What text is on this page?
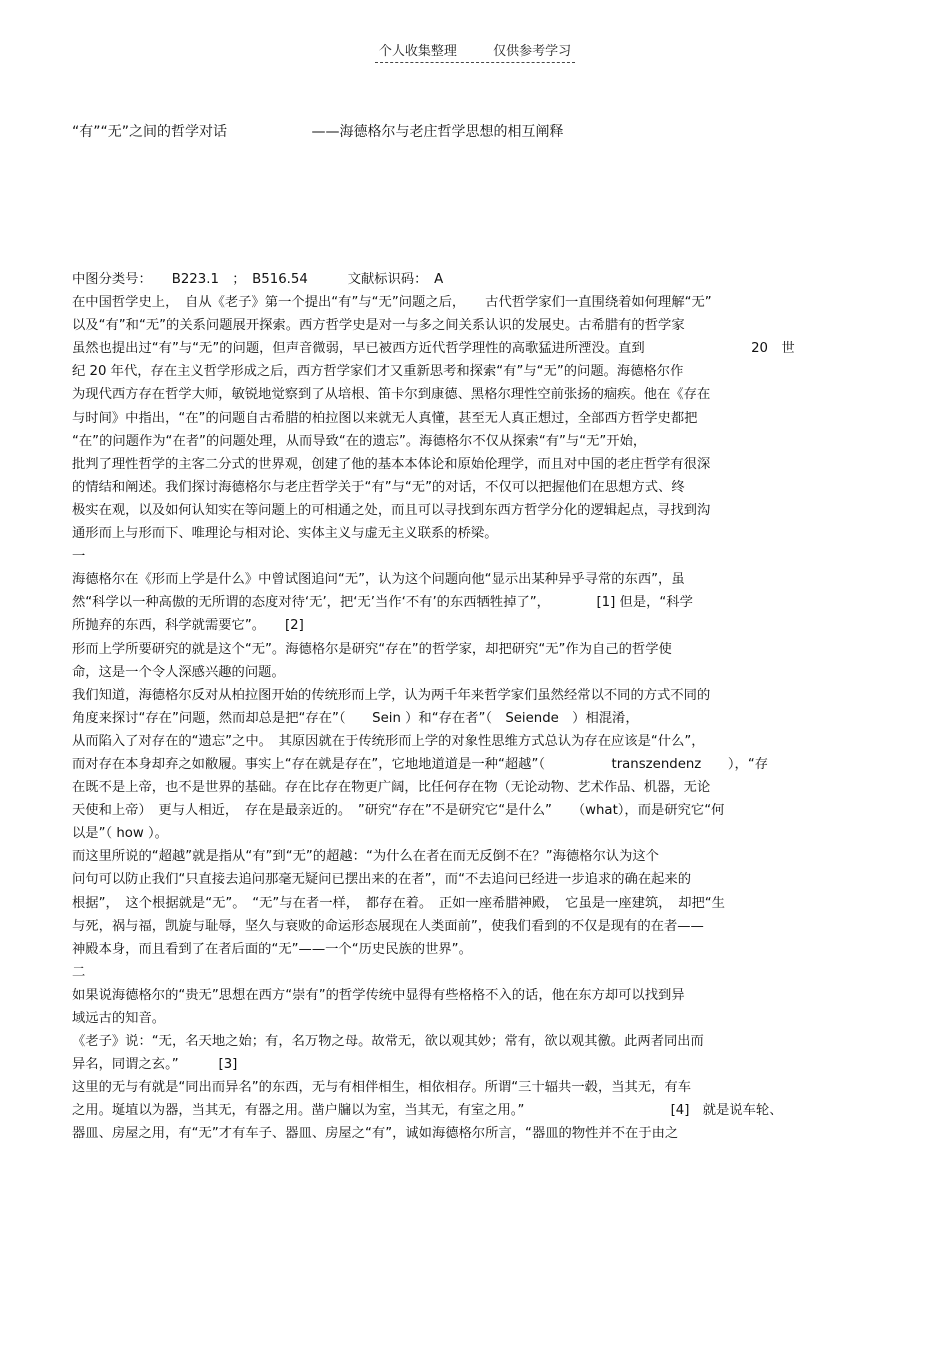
个人收集整理	仅供参考学习
“有”“无”之间的哲学对话	——海德格尔与老庄哲学思想的相互阐释
中图分类号：　　B223.1　；　B516.54　　　文献标识码：　A
在中国哲学史上，　自从《老子》第一个提出“有”与“无”问题之后，　　古代哲学家们一直围绕着如何理解“无”
以及“有”和“无”的关系问题展开探索。西方哲学史是对一与多之间关系认识的发展史。古希腊有的哲学家
虽然也提出过“有”与“无”的问题，但声音微弱，早已被西方近代哲学理性的高歌猛进所湮没。直到　　　　　　　　20　世
纪 20 年代，存在主义哲学形成之后，西方哲学家们才又重新思考和探索“有”与“无”的问题。海德格尔作
为现代西方存在哲学大师，敏锐地觉察到了从培根、笛卡尔到康德、黑格尔理性空前张扬的痼疾。他在《存在
与时间》中指出，“在”的问题自古希腊的柏拉图以来就无人真懂，甚至无人真正想过，全部西方哲学史都把
“在”的问题作为“在者”的问题处理，从而导致“在的遗忘”。海德格尔不仅从探索“有”与“无”开始，
批判了理性哲学的主客二分式的世界观，创建了他的基本本体论和原始伦理学，而且对中国的老庄哲学有很深
的情结和阐述。我们探讨海德格尔与老庄哲学关于“有”与“无”的对话，不仅可以把握他们在思想方式、终
极实在观，以及如何认知实在等问题上的可相通之处，而且可以寻找到东西方哲学分化的逻辑起点，寻找到沟
通形而上与形而下、唯理论与相对论、实体主义与虚无主义联系的桥梁。
一
海德格尔在《形而上学是什么》中曾试图追问“无”，认为这个问题向他“显示出某种异乎寻常的东西”，虽
然“科学以一种高傲的无所谓的态度对待‘无’，把‘无’当作‘不有’的东西牺牲掉了”，　　　　[1] 但是，“科学
所抛弃的东西，科学就需要它”。　　[2]
形而上学所要研究的就是这个“无”。海德格尔是研究“存在”的哲学家，却把研究“无”作为自己的哲学使
命，这是一个令人深感兴趣的问题。
我们知道，海德格尔反对从柏拉图开始的传统形而上学，认为两千年来哲学家们虽然经常以不同的方式不同的
角度来探讨“存在”问题，然而却总是把“存在”（　　Sein ）和“存在者”（　Seiende　）相混淆，
从而陷入了对存在的“遗忘”之中。　其原因就在于传统形而上学的对象性思维方式总认为存在应该是“什么”，
而对存在本身却弃之如敝履。事实上“存在就是存在”，它地地道道是一种“超越”（　　　　　transzendenz　　），“存
在既不是上帝，也不是世界的基础。存在比存在物更广阔，比任何存在物（无论动物、艺术作品、机器，无论
天使和上帝）　更与人相近，　存在是最亲近的。　”研究“存在”不是研究它“是什么”　　（what），而是研究它“何
以是”（ how ）。
而这里所说的“超越”就是指从“有”到“无”的超越：“为什么在者在而无反倒不在？”海德格尔认为这个
问句可以防止我们“只直接去追问那毫无疑问已摆出来的在者”，而“不去追问已经进一步追求的确在起来的
根据”，　这个根据就是“无”。　“无”与在者一样，　都存在着。　正如一座希腊神殿，　它虽是一座建筑，　却把“生
与死，祸与福，凯旋与耻辱，坚久与衰败的命运形态展现在人类面前”，使我们看到的不仅是现有的在者——
神殿本身，而且看到了在者后面的“无”——一个“历史民族的世界”。
二
如果说海德格尔的“贵无”思想在西方“崇有”的哲学传统中显得有些格格不入的话，他在东方却可以找到异
域远古的知音。
《老子》说：“无，名天地之始；有，名万物之母。故常无，欲以观其妙；常有，欲以观其徼。此两者同出而
异名，同谓之玄。”　　　[3]
这里的无与有就是“同出而异名”的东西，无与有相伴相生，相依相存。所谓“三十辐共一毂，当其无，有车
之用。埏埴以为器，当其无，有器之用。凿户牖以为室，当其无，有室之用。”　　　　　　　　　　　[4]　就是说车轮、
器皿、房屋之用，有“无”才有车子、器皿、房屋之“有”，诚如海德格尔所言，“器皿的物性并不在于由之
